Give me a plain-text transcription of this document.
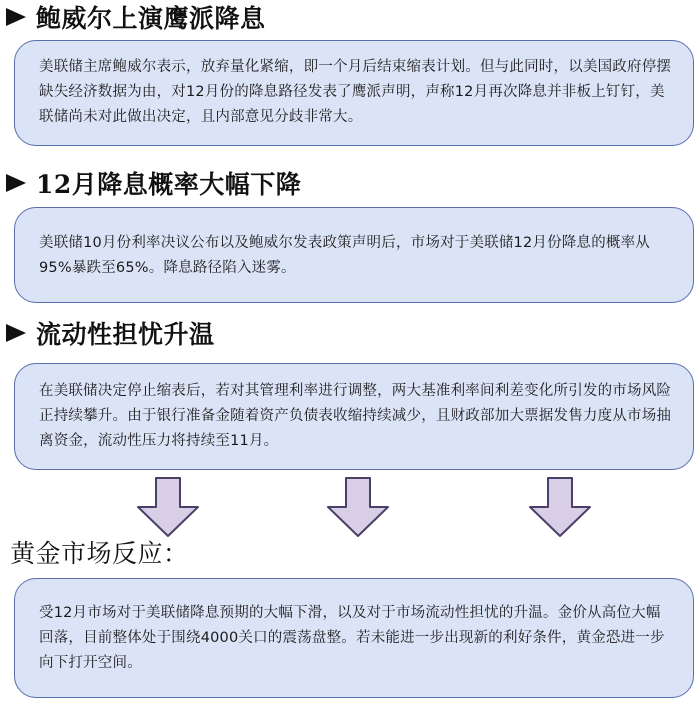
鲍威尔上演鹰派降息

美联储主席鲍威尔表示，放弃量化紧缩，即一个月后结束缩表计划。但与此同时，以美国政府停摆缺失经济数据为由，对12月份的降息路径发表了鹰派声明，声称12月再次降息并非板上钉钉，美联储尚未对此做出决定，且内部意见分歧非常大。

12月降息概率大幅下降

美联储10月份利率决议公布以及鲍威尔发表政策声明后，市场对于美联储12月份降息的概率从95%暴跌至65%。降息路径陷入迷雾。

流动性担忧升温

在美联储决定停止缩表后，若对其管理利率进行调整，两大基准利率间利差变化所引发的市场风险正持续攀升。由于银行准备金随着资产负债表收缩持续减少，且财政部加大票据发售力度从市场抽离资金，流动性压力将持续至11月。

黄金市场反应：

受12月市场对于美联储降息预期的大幅下滑，以及对于市场流动性担忧的升温。金价从高位大幅回落，目前整体处于围绕4000关口的震荡盘整。若未能进一步出现新的利好条件，黄金恐进一步向下打开空间。
